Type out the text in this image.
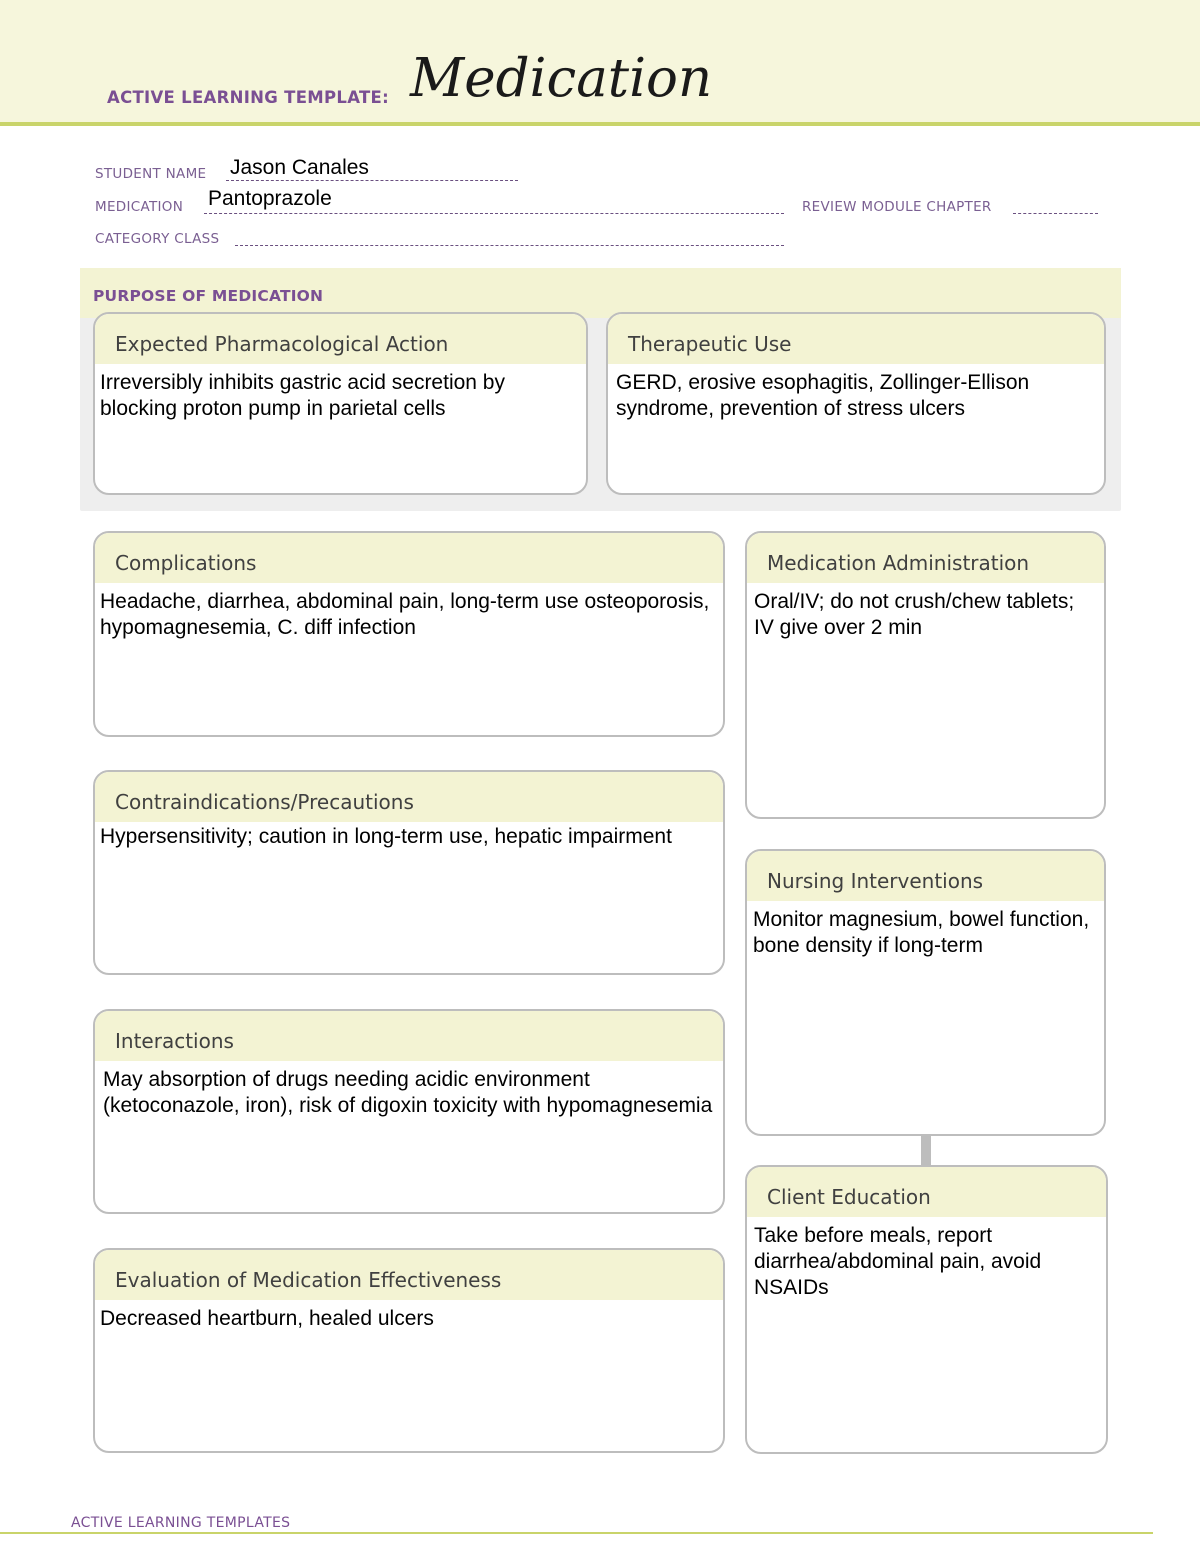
ACTIVE LEARNING TEMPLATE: Medication
STUDENT NAME Jason Canales
MEDICATION Pantoprazole	REVIEW MODULE CHAPTER
CATEGORY CLASS
PURPOSE OF MEDICATION
Expected Pharmacological Action
Irreversibly inhibits gastric acid secretion by blocking proton pump in parietal cells
Therapeutic Use
GERD, erosive esophagitis, Zollinger-Ellison syndrome, prevention of stress ulcers
Complications
Headache, diarrhea, abdominal pain, long-term use osteoporosis, hypomagnesemia, C. diff infection
Contraindications/Precautions
Hypersensitivity; caution in long-term use, hepatic impairment
Interactions
May absorption of drugs needing acidic environment (ketoconazole, iron), risk of digoxin toxicity with hypomagnesemia
Evaluation of Medication Effectiveness
Decreased heartburn, healed ulcers
Medication Administration
Oral/IV; do not crush/chew tablets; IV give over 2 min
Nursing Interventions
Monitor magnesium, bowel function, bone density if long-term
Client Education
Take before meals, report diarrhea/abdominal pain, avoid NSAIDs
ACTIVE LEARNING TEMPLATES
